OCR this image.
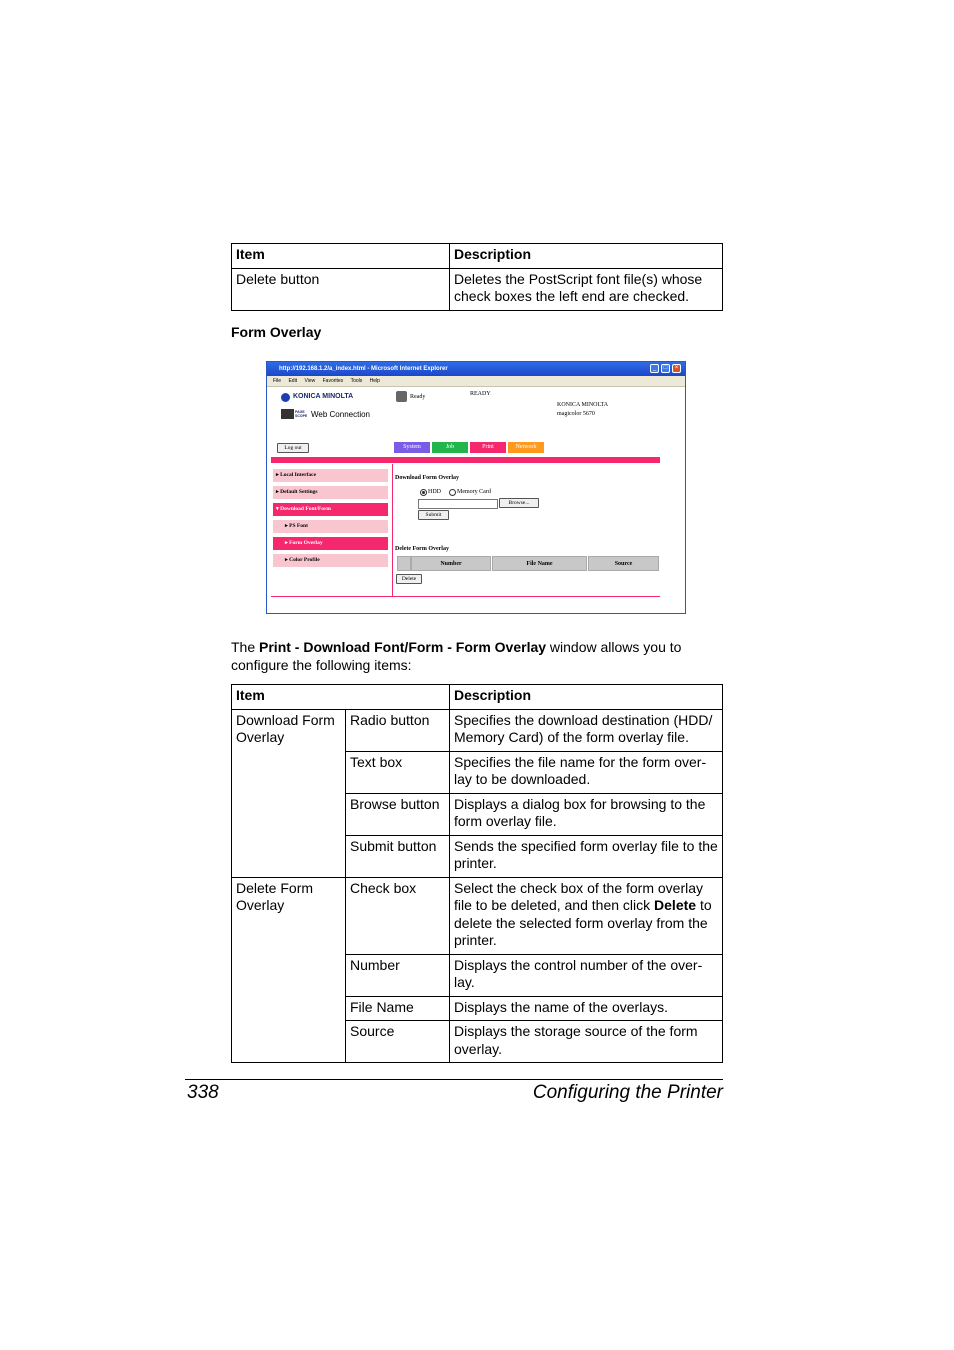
Item	Description
Delete button	Deletes the PostScript font file(s) whose check boxes the left end are checked.
Form Overlay
http://192.168.1.2/a_index.html - Microsoft Internet Explorer	_	□	×
File Edit View Favorites Tools Help
KONICA MINOLTA
PAGE SCOPE Web Connection
Ready	READY
KONICA MINOLTA
magicolor 5670
Log out	System	Job	Print	Network
▸ Local Interface
▸ Default Settings
▾ Download Font/Form
▸ PS Font
▸ Form Overlay
▸ Color Profile
Download Form Overlay
HDD	Memory Card
Browse...
Submit
Delete Form Overlay
Number	File Name	Source
Delete
The Print - Download Font/Form - Form Overlay window allows you to configure the following items:
Item		Description
Download Form Overlay	Radio button	Specifies the download destination (HDD/ Memory Card) of the form overlay file.
	Text box	Specifies the file name for the form over-lay to be downloaded.
	Browse button	Displays a dialog box for browsing to the form overlay file.
	Submit button	Sends the specified form overlay file to the printer.
Delete Form Overlay	Check box	Select the check box of the form overlay file to be deleted, and then click Delete to delete the selected form overlay from the printer.
	Number	Displays the control number of the over-lay.
	File Name	Displays the name of the overlays.
	Source	Displays the storage source of the form overlay.
338	Configuring the Printer
